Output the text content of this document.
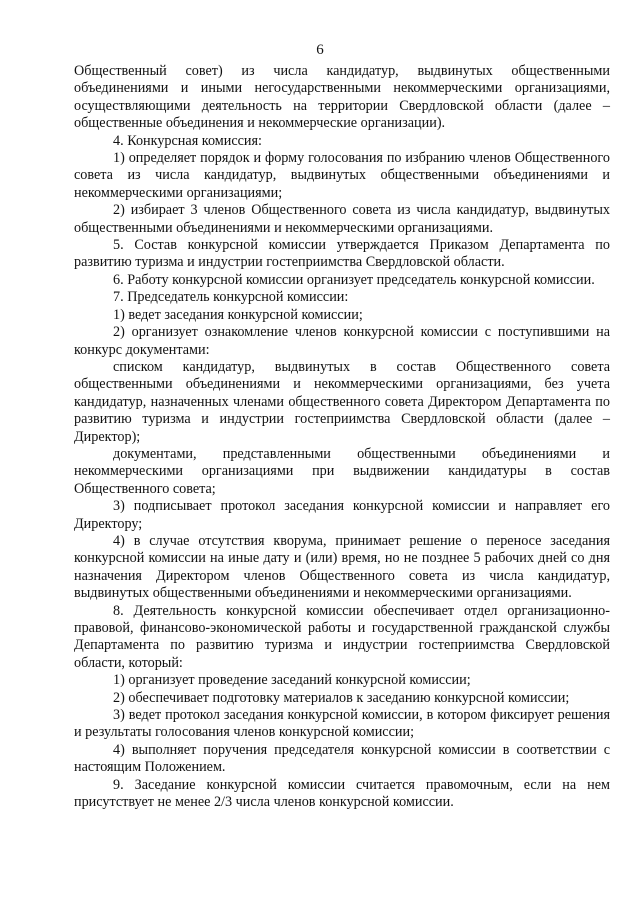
6

Общественный совет) из числа кандидатур, выдвинутых общественными объединениями и иными негосударственными некоммерческими организациями, осуществляющими деятельность на территории Свердловской области (далее – общественные объединения и некоммерческие организации).

4. Конкурсная комиссия:

1) определяет порядок и форму голосования по избранию членов Общественного совета из числа кандидатур, выдвинутых общественными объединениями и некоммерческими организациями;

2) избирает 3 членов Общественного совета из числа кандидатур, выдвинутых общественными объединениями и некоммерческими организациями.

5. Состав конкурсной комиссии утверждается Приказом Департамента по развитию туризма и индустрии гостеприимства Свердловской области.

6. Работу конкурсной комиссии организует председатель конкурсной комиссии.

7. Председатель конкурсной комиссии:

1) ведет заседания конкурсной комиссии;

2) организует ознакомление членов конкурсной комиссии с поступившими на конкурс документами:

списком кандидатур, выдвинутых в состав Общественного совета общественными объединениями и некоммерческими организациями, без учета кандидатур, назначенных членами общественного совета Директором Департамента по развитию туризма и индустрии гостеприимства Свердловской области (далее – Директор);

документами, представленными общественными объединениями и некоммерческими организациями при выдвижении кандидатуры в состав Общественного совета;

3) подписывает протокол заседания конкурсной комиссии и направляет его Директору;

4) в случае отсутствия кворума, принимает решение о переносе заседания конкурсной комиссии на иные дату и (или) время, но не позднее 5 рабочих дней со дня назначения Директором членов Общественного совета из числа кандидатур, выдвинутых общественными объединениями и некоммерческими организациями.

8. Деятельность конкурсной комиссии обеспечивает отдел организационно-правовой, финансово-экономической работы и государственной гражданской службы Департамента по развитию туризма и индустрии гостеприимства Свердловской области, который:

1) организует проведение заседаний конкурсной комиссии;

2) обеспечивает подготовку материалов к заседанию конкурсной комиссии;

3) ведет протокол заседания конкурсной комиссии, в котором фиксирует решения и результаты голосования членов конкурсной комиссии;

4) выполняет поручения председателя конкурсной комиссии в соответствии с настоящим Положением.

9. Заседание конкурсной комиссии считается правомочным, если на нем присутствует не менее 2/3 числа членов конкурсной комиссии.
